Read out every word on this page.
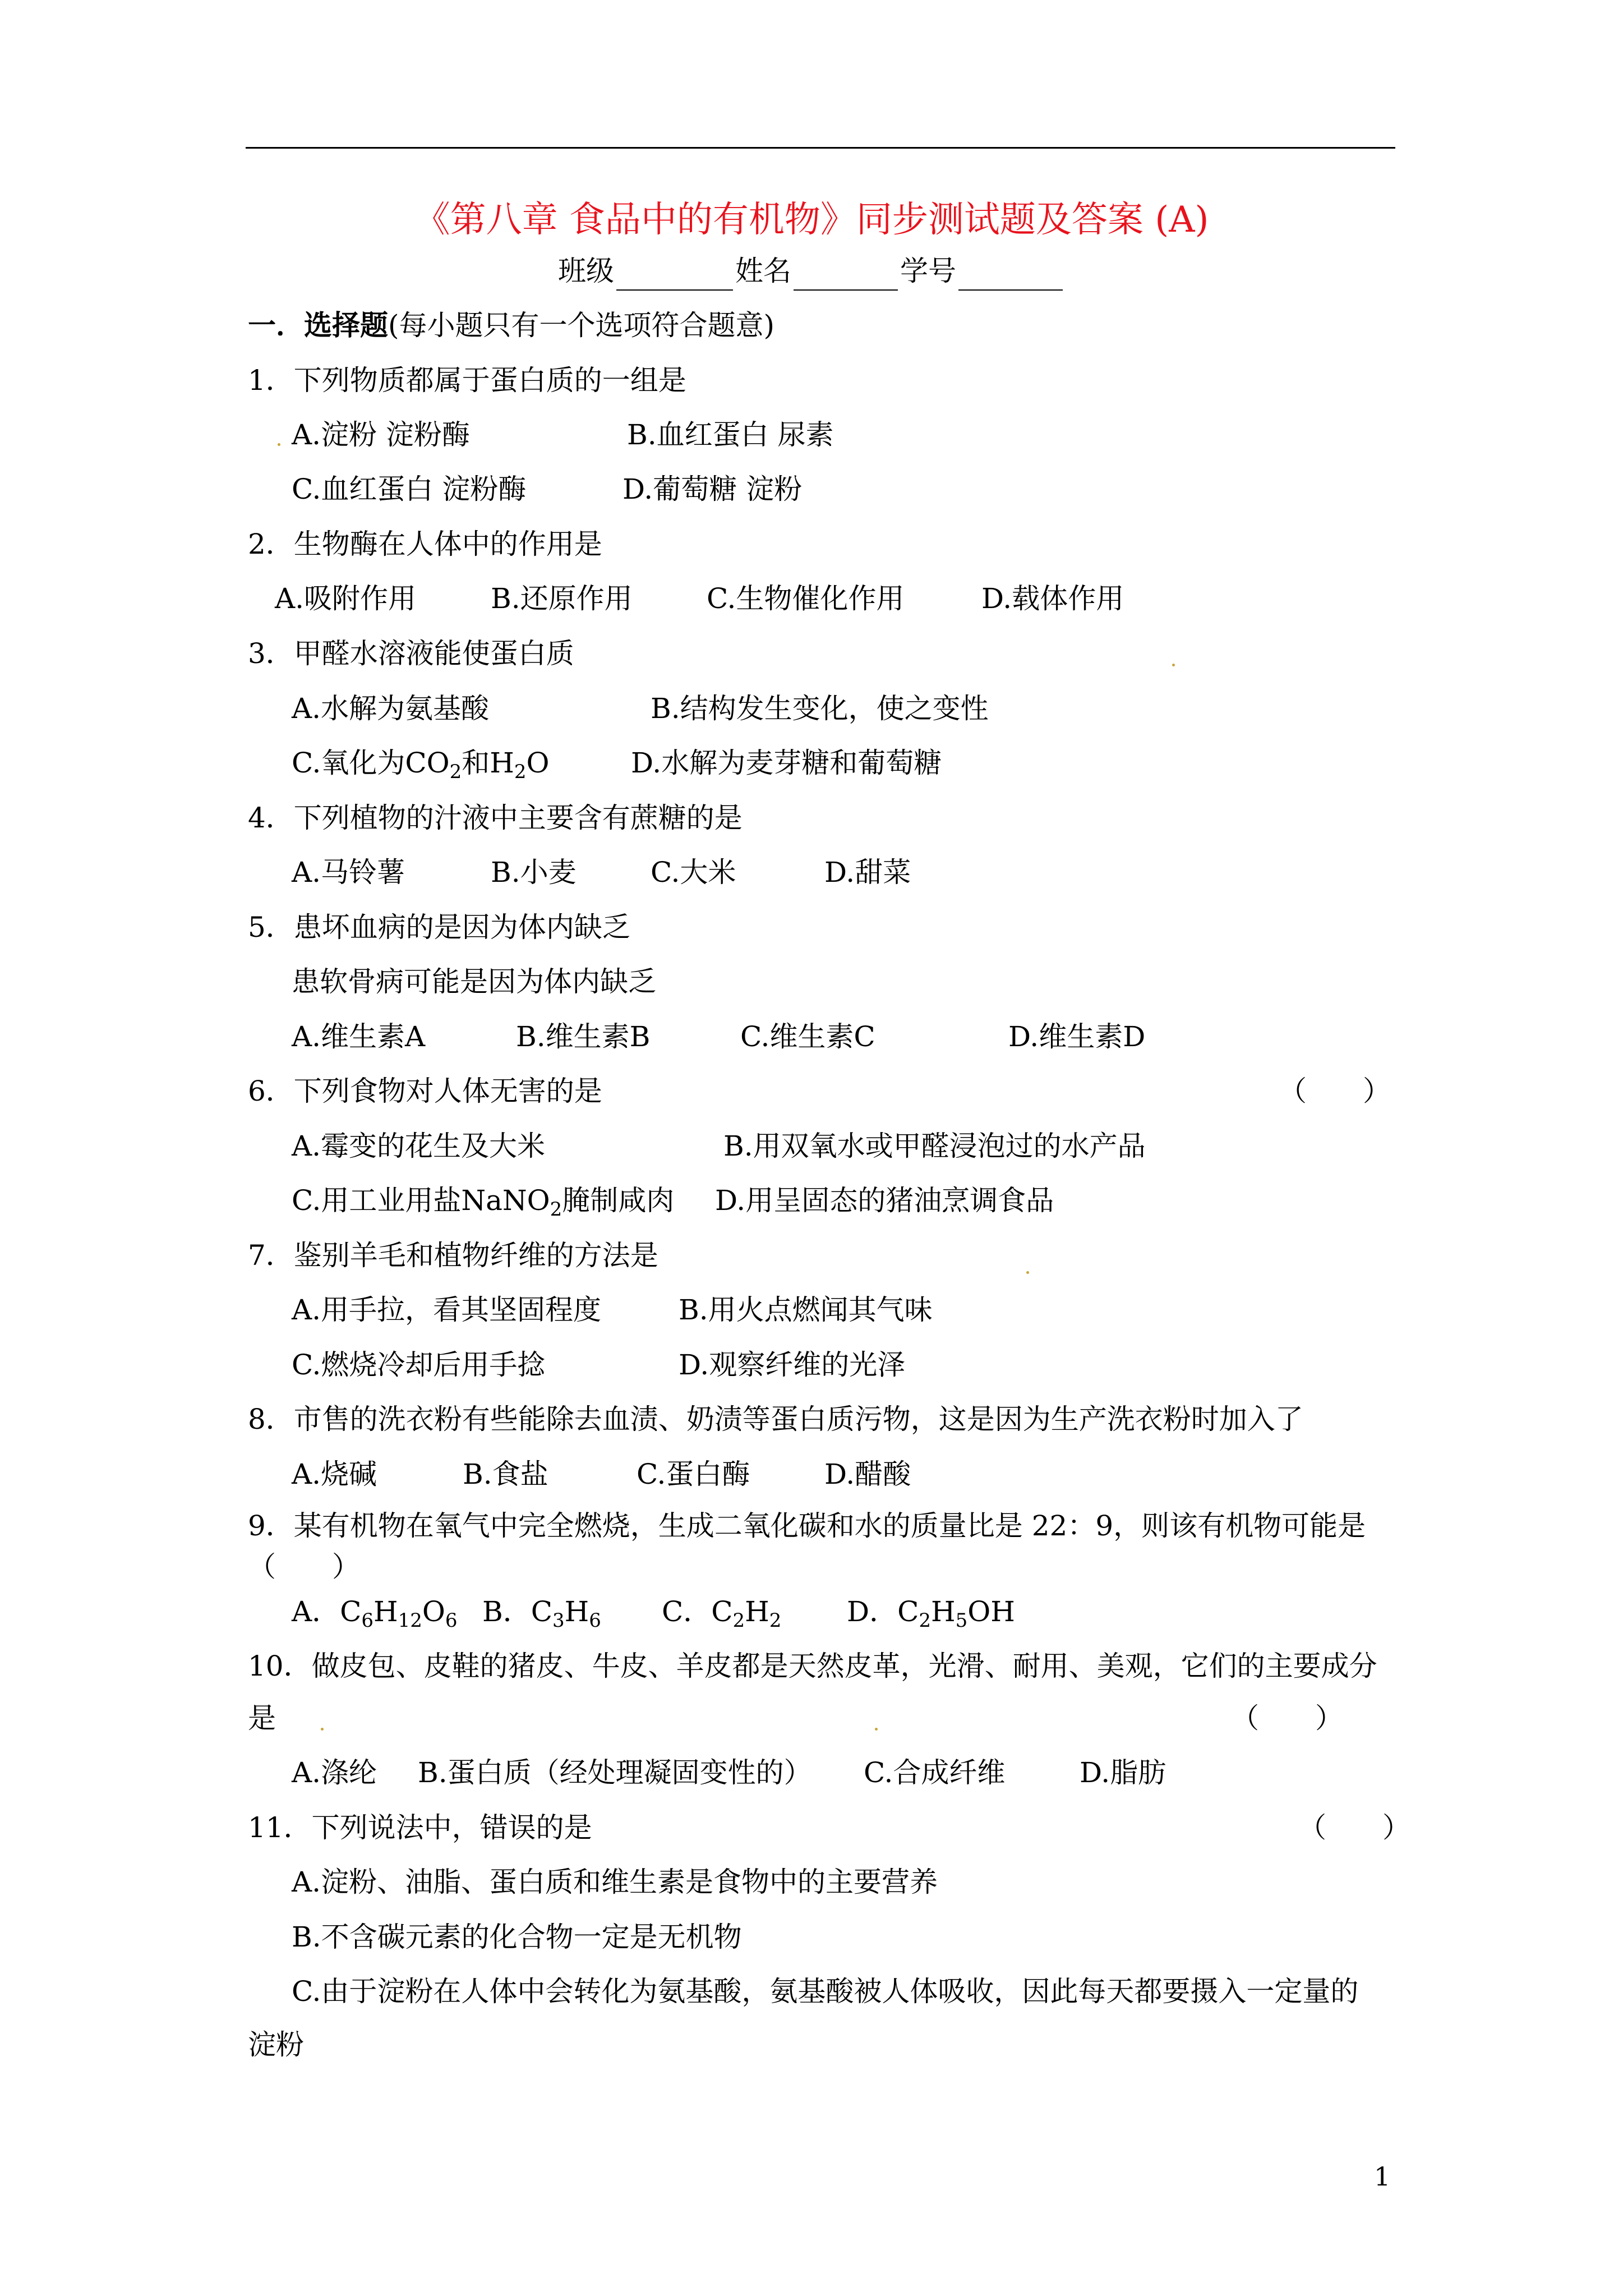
《第八章 食品中的有机物》同步测试题及答案 (A)
班级	姓名	学号
一．选择题(每小题只有一个选项符合题意)
1．下列物质都属于蛋白质的一组是
A.淀粉 淀粉酶	B.血红蛋白 尿素
C.血红蛋白 淀粉酶	D.葡萄糖 淀粉
2．生物酶在人体中的作用是
A.吸附作用	B.还原作用	C.生物催化作用	D.载体作用
3．甲醛水溶液能使蛋白质
A.水解为氨基酸	B.结构发生变化，使之变性
C.氧化为$CO_2$和$H_2O$	D.水解为麦芽糖和葡萄糖
4．下列植物的汁液中主要含有蔗糖的是
A.马铃薯	B.小麦	C.大米	D.甜菜
5．患坏血病的是因为体内缺乏
患软骨病可能是因为体内缺乏
A.维生素A	B.维生素B	C.维生素C	D.维生素D
6．下列食物对人体无害的是	（　　）
A.霉变的花生及大米	B.用双氧水或甲醛浸泡过的水产品
C.用工业用盐NaNO$_2$腌制咸肉 D.用呈固态的猪油烹调食品
7．鉴别羊毛和植物纤维的方法是
A.用手拉，看其坚固程度	B.用火点燃闻其气味
C.燃烧冷却后用手捻	D.观察纤维的光泽
8．市售的洗衣粉有些能除去血渍、奶渍等蛋白质污物，这是因为生产洗衣粉时加入了
A.烧碱	B.食盐	C.蛋白酶	D.醋酸
9．某有机物在氧气中完全燃烧，生成二氧化碳和水的质量比是 22：9，则该有机物可能是
（　　）
A．$C_6H_{12}O_6$ B．$C_3H_6$ C．$C_2H_2$ D．$C_2H_5OH$
10．做皮包、皮鞋的猪皮、牛皮、羊皮都是天然皮革，光滑、耐用、美观，它们的主要成分
是	（　　）
A.涤纶 B.蛋白质（经处理凝固变性的） C.合成纤维	D.脂肪
11．下列说法中，错误的是	（　　）
A.淀粉、油脂、蛋白质和维生素是食物中的主要营养
B.不含碳元素的化合物一定是无机物
C.由于淀粉在人体中会转化为氨基酸，氨基酸被人体吸收，因此每天都要摄入一定量的
淀粉
1
